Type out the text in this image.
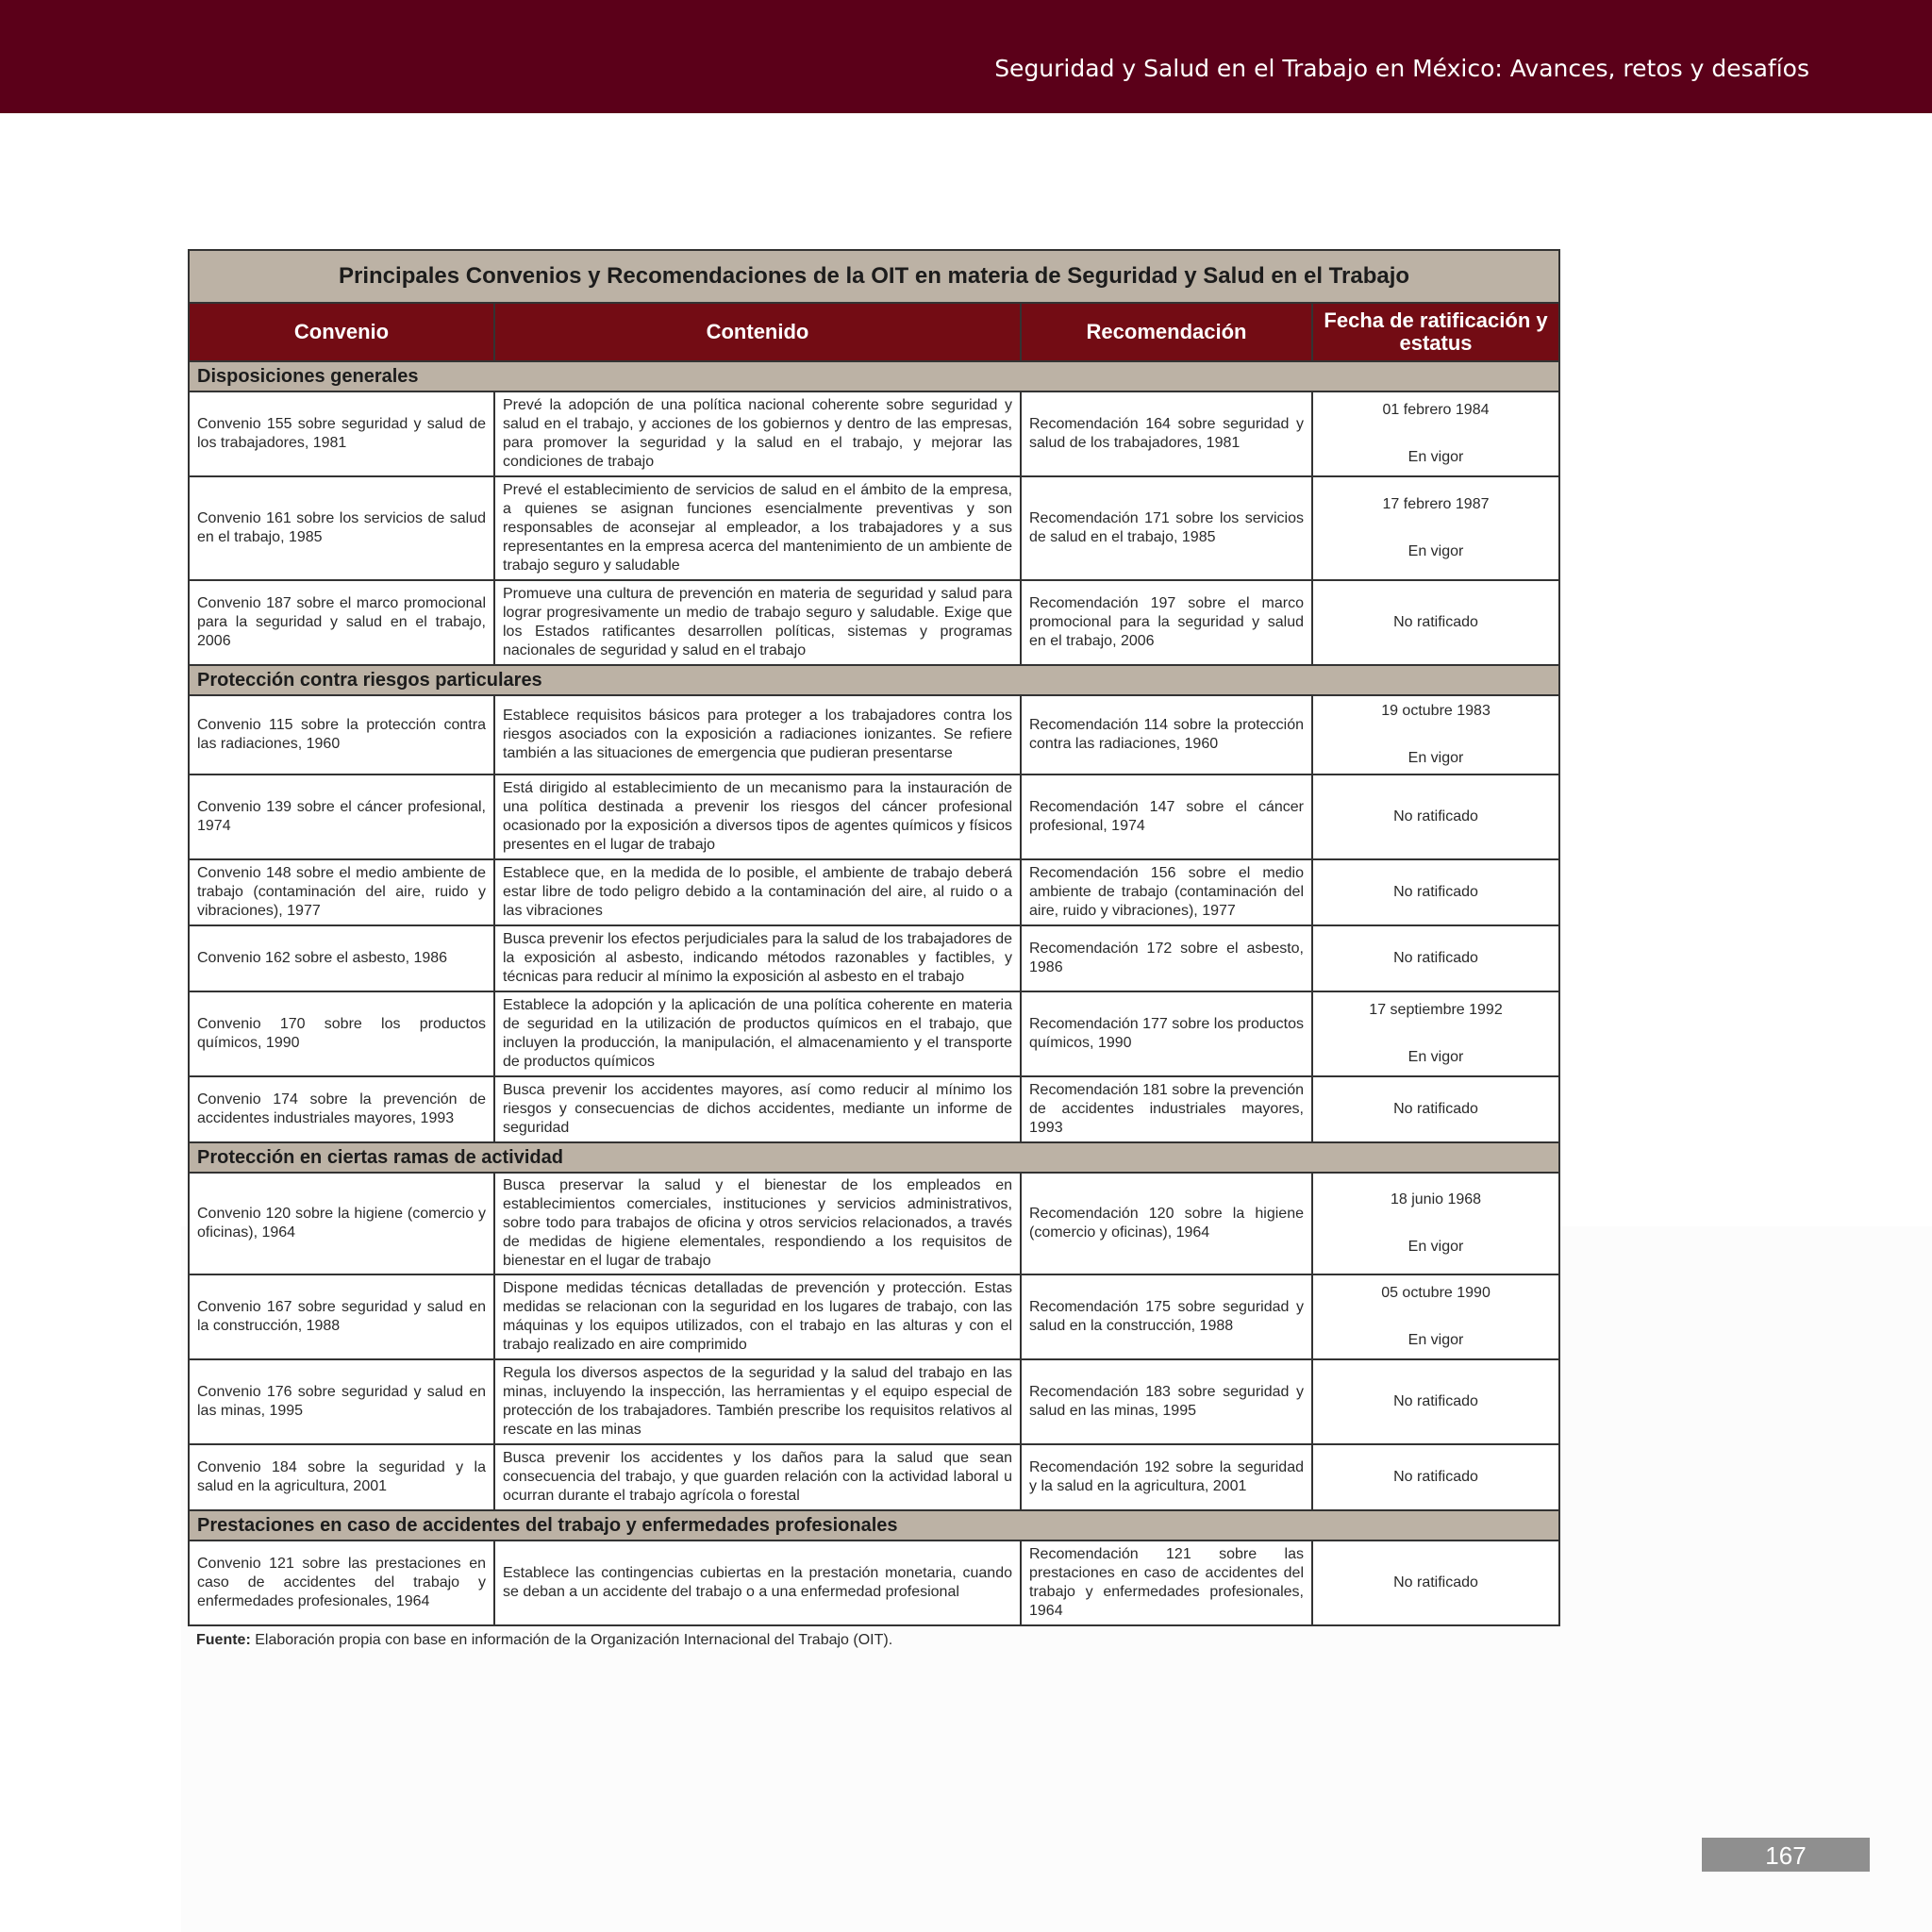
Seguridad y Salud en el Trabajo en México: Avances, retos y desafíos
Principales Convenios y Recomendaciones de la OIT en materia de Seguridad y Salud en el Trabajo			
Convenio	Contenido	Recomendación	Fecha de ratificación y estatus
Disposiciones generales			
Convenio 155 sobre seguridad y salud de los trabajadores, 1981	Prevé la adopción de una política nacional coherente sobre seguridad y salud en el trabajo, y acciones de los gobiernos y dentro de las empresas, para promover la seguridad y la salud en el trabajo, y mejorar las condiciones de trabajo	Recomendación 164 sobre seguridad y salud de los trabajadores, 1981	01 febrero 1984
En vigor

Convenio 161 sobre los servicios de salud en el trabajo, 1985	Prevé el establecimiento de servicios de salud en el ámbito de la empresa, a quienes se asignan funciones esencialmente preventivas y son responsables de aconsejar al empleador, a los trabajadores y a sus representantes en la empresa acerca del mantenimiento de un ambiente de trabajo seguro y saludable	Recomendación 171 sobre los servicios de salud en el trabajo, 1985	17 febrero 1987
En vigor

Convenio 187 sobre el marco promocional para la seguridad y salud en el trabajo, 2006	Promueve una cultura de prevención en materia de seguridad y salud para lograr progresivamente un medio de trabajo seguro y saludable. Exige que los Estados ratificantes desarrollen políticas, sistemas y programas nacionales de seguridad y salud en el trabajo	Recomendación 197 sobre el marco promocional para la seguridad y salud en el trabajo, 2006	No ratificado
Protección contra riesgos particulares			
Convenio 115 sobre la protección contra las radiaciones, 1960	Establece requisitos básicos para proteger a los trabajadores contra los riesgos asociados con la exposición a radiaciones ionizantes. Se refiere también a las situaciones de emergencia que pudieran presentarse	Recomendación 114 sobre la protección contra las radiaciones, 1960	19 octubre 1983
En vigor

Convenio 139 sobre el cáncer profesional, 1974	Está dirigido al establecimiento de un mecanismo para la instauración de una política destinada a prevenir los riesgos del cáncer profesional ocasionado por la exposición a diversos tipos de agentes químicos y físicos presentes en el lugar de trabajo	Recomendación 147 sobre el cáncer profesional, 1974	No ratificado
Convenio 148 sobre el medio ambiente de trabajo (contaminación del aire, ruido y vibraciones), 1977	Establece que, en la medida de lo posible, el ambiente de trabajo deberá estar libre de todo peligro debido a la contaminación del aire, al ruido o a las vibraciones	Recomendación 156 sobre el medio ambiente de trabajo (contaminación del aire, ruido y vibraciones), 1977	No ratificado
Convenio 162 sobre el asbesto, 1986	Busca prevenir los efectos perjudiciales para la salud de los trabajadores de la exposición al asbesto, indicando métodos razonables y factibles, y técnicas para reducir al mínimo la exposición al asbesto en el trabajo	Recomendación 172 sobre el asbesto, 1986	No ratificado
Convenio 170 sobre los productos químicos, 1990	Establece la adopción y la aplicación de una política coherente en materia de seguridad en la utilización de productos químicos en el trabajo, que incluyen la producción, la manipulación, el almacenamiento y el transporte de productos químicos	Recomendación 177 sobre los productos químicos, 1990	17 septiembre 1992
En vigor

Convenio 174 sobre la prevención de accidentes industriales mayores, 1993	Busca prevenir los accidentes mayores, así como reducir al mínimo los riesgos y consecuencias de dichos accidentes, mediante un informe de seguridad	Recomendación 181 sobre la prevención de accidentes industriales mayores, 1993	No ratificado
Protección en ciertas ramas de actividad			
Convenio 120 sobre la higiene (comercio y oficinas), 1964	Busca preservar la salud y el bienestar de los empleados en establecimientos comerciales, instituciones y servicios administrativos, sobre todo para trabajos de oficina y otros servicios relacionados, a través de medidas de higiene elementales, respondiendo a los requisitos de bienestar en el lugar de trabajo	Recomendación 120 sobre la higiene (comercio y oficinas), 1964	18 junio 1968
En vigor

Convenio 167 sobre seguridad y salud en la construcción, 1988	Dispone medidas técnicas detalladas de prevención y protección. Estas medidas se relacionan con la seguridad en los lugares de trabajo, con las máquinas y los equipos utilizados, con el trabajo en las alturas y con el trabajo realizado en aire comprimido	Recomendación 175 sobre seguridad y salud en la construcción, 1988	05 octubre 1990
En vigor

Convenio 176 sobre seguridad y salud en las minas, 1995	Regula los diversos aspectos de la seguridad y la salud del trabajo en las minas, incluyendo la inspección, las herramientas y el equipo especial de protección de los trabajadores. También prescribe los requisitos relativos al rescate en las minas	Recomendación 183 sobre seguridad y salud en las minas, 1995	No ratificado
Convenio 184 sobre la seguridad y la salud en la agricultura, 2001	Busca prevenir los accidentes y los daños para la salud que sean consecuencia del trabajo, y que guarden relación con la actividad laboral u ocurran durante el trabajo agrícola o forestal	Recomendación 192 sobre la seguridad y la salud en la agricultura, 2001	No ratificado
Prestaciones en caso de accidentes del trabajo y enfermedades profesionales			
Convenio 121 sobre las prestaciones en caso de accidentes del trabajo y enfermedades profesionales, 1964	Establece las contingencias cubiertas en la prestación monetaria, cuando se deban a un accidente del trabajo o a una enfermedad profesional	Recomendación 121 sobre las prestaciones en caso de accidentes del trabajo y enfermedades profesionales, 1964	No ratificado
Fuente: Elaboración propia con base en información de la Organización Internacional del Trabajo (OIT).
167
